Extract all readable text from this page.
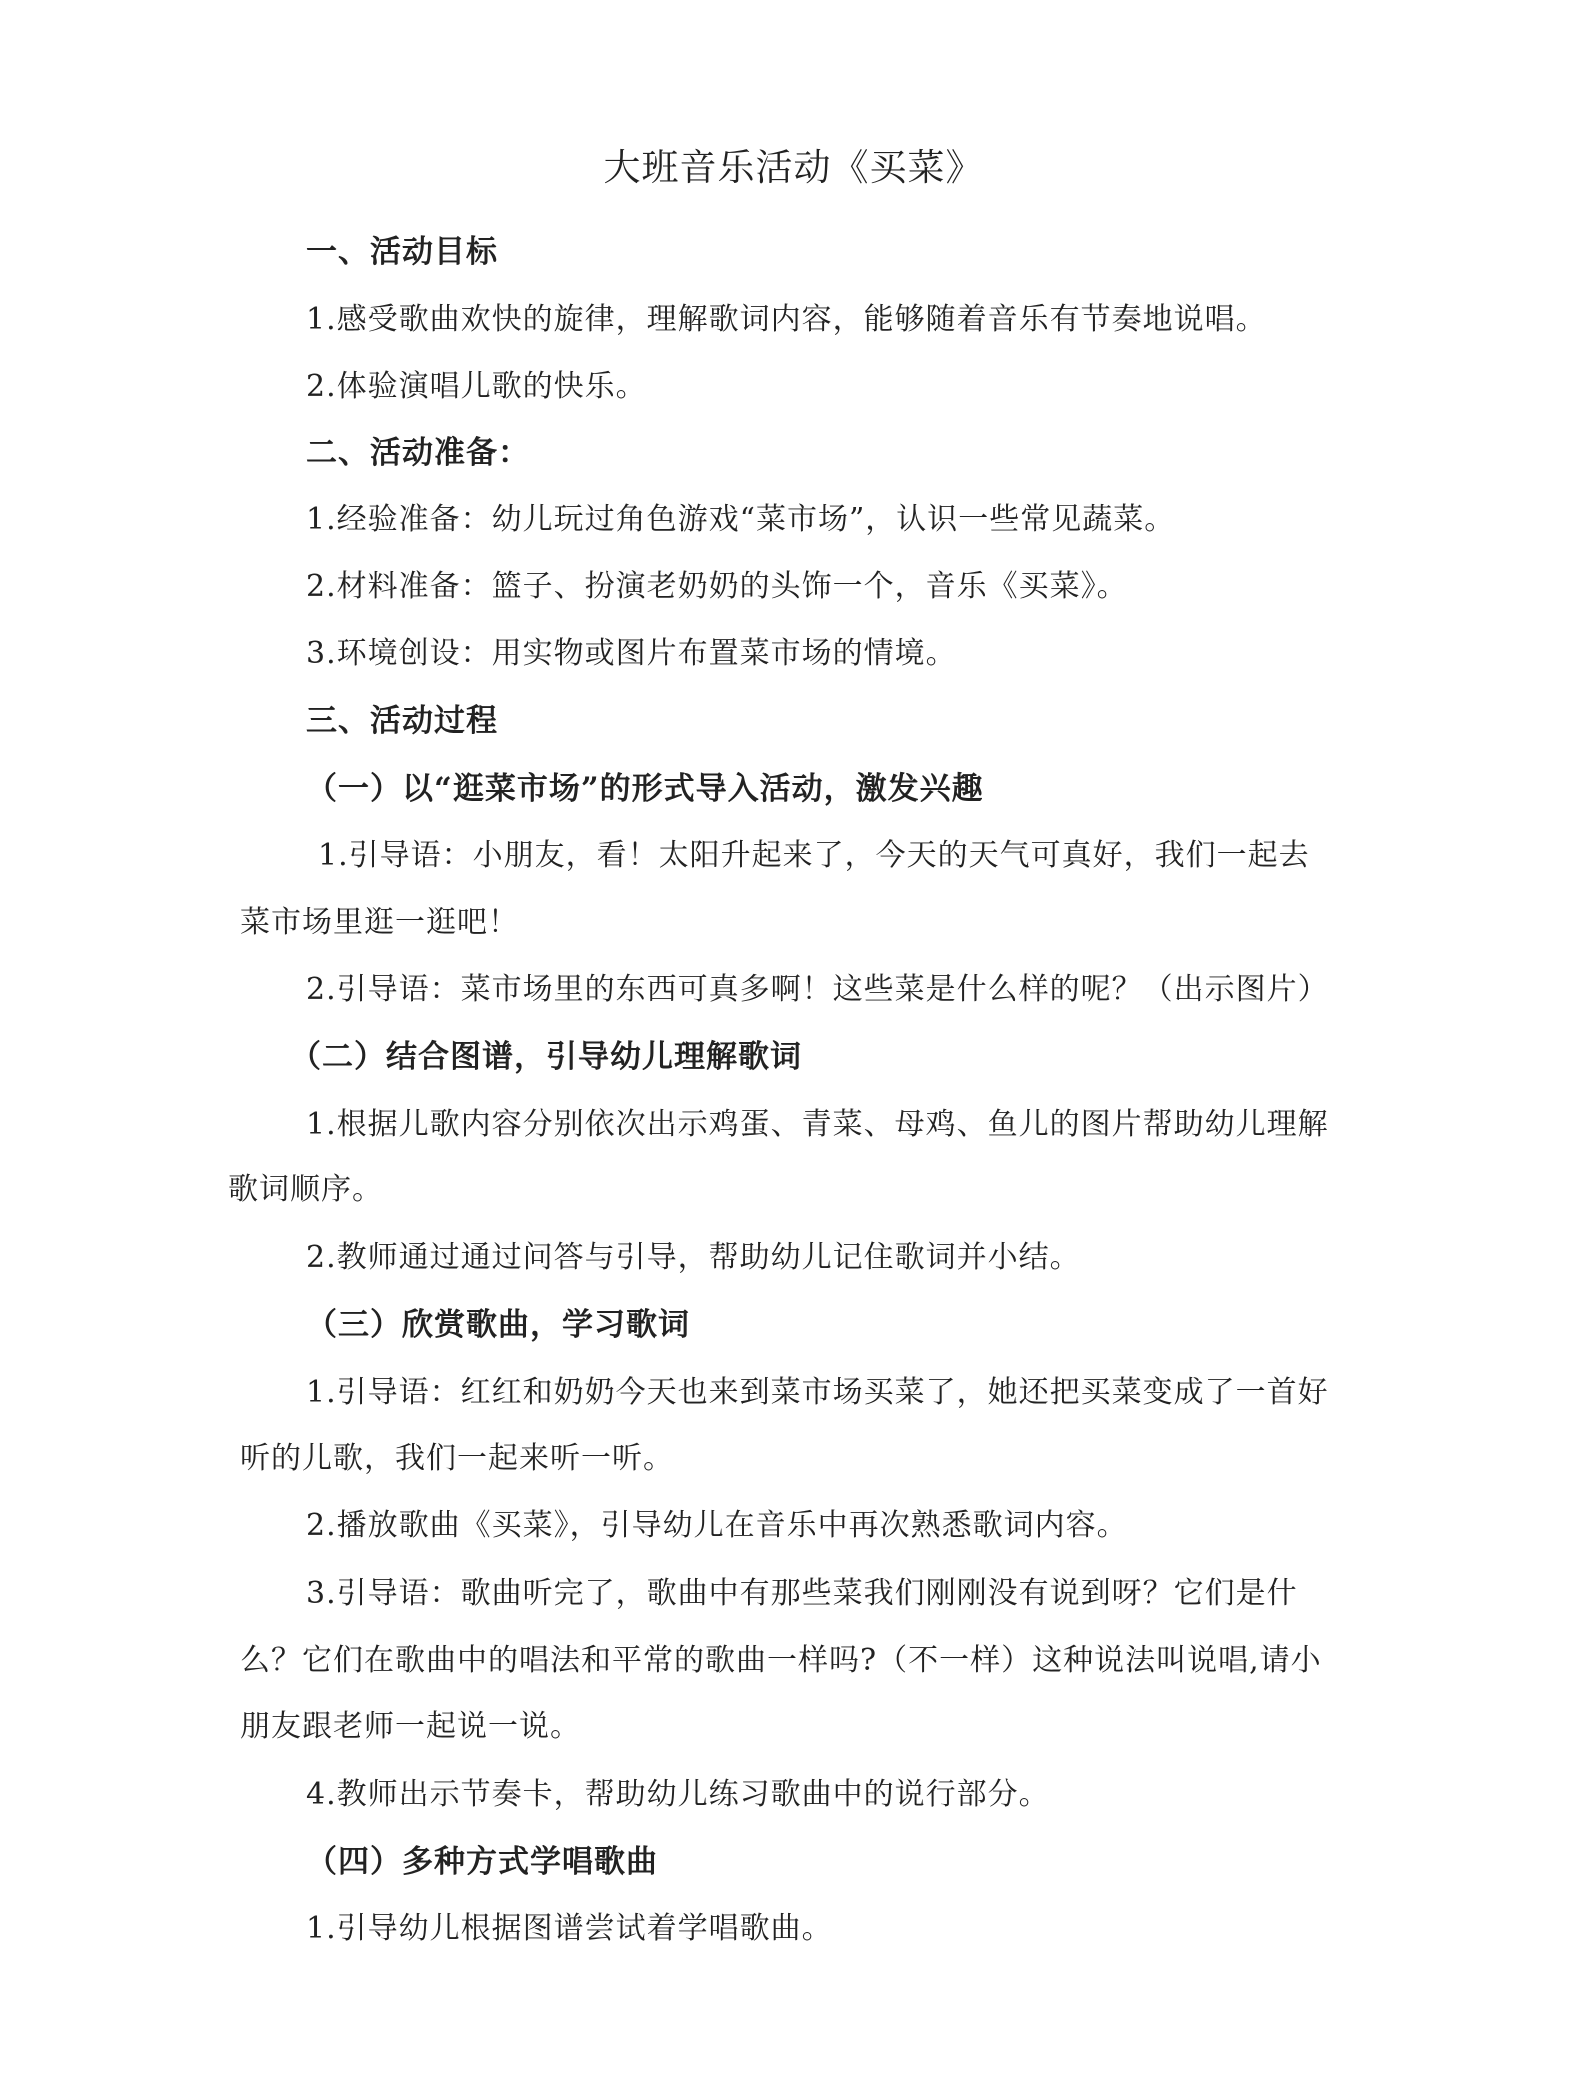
大班音乐活动《买菜》
一、活动目标
1.感受歌曲欢快的旋律，理解歌词内容，能够随着音乐有节奏地说唱。
2.体验演唱儿歌的快乐。
二、活动准备：
1.经验准备：幼儿玩过角色游戏“菜市场”，认识一些常见蔬菜。
2.材料准备：篮子、扮演老奶奶的头饰一个，音乐《买菜》。
3.环境创设：用实物或图片布置菜市场的情境。
三、活动过程
（一）以“逛菜市场”的形式导入活动，激发兴趣
1.引导语：小朋友，看！太阳升起来了，今天的天气可真好，我们一起去
菜市场里逛一逛吧！
2.引导语：菜市场里的东西可真多啊！这些菜是什么样的呢？（出示图片）
（二）结合图谱，引导幼儿理解歌词
1.根据儿歌内容分别依次出示鸡蛋、青菜、母鸡、鱼儿的图片帮助幼儿理解
歌词顺序。
2.教师通过通过问答与引导，帮助幼儿记住歌词并小结。
（三）欣赏歌曲，学习歌词
1.引导语：红红和奶奶今天也来到菜市场买菜了，她还把买菜变成了一首好
听的儿歌，我们一起来听一听。
2.播放歌曲《买菜》，引导幼儿在音乐中再次熟悉歌词内容。
3.引导语：歌曲听完了，歌曲中有那些菜我们刚刚没有说到呀？它们是什
么？它们在歌曲中的唱法和平常的歌曲一样吗?（不一样）这种说法叫说唱,请小
朋友跟老师一起说一说。
4.教师出示节奏卡，帮助幼儿练习歌曲中的说行部分。
（四）多种方式学唱歌曲
1.引导幼儿根据图谱尝试着学唱歌曲。
